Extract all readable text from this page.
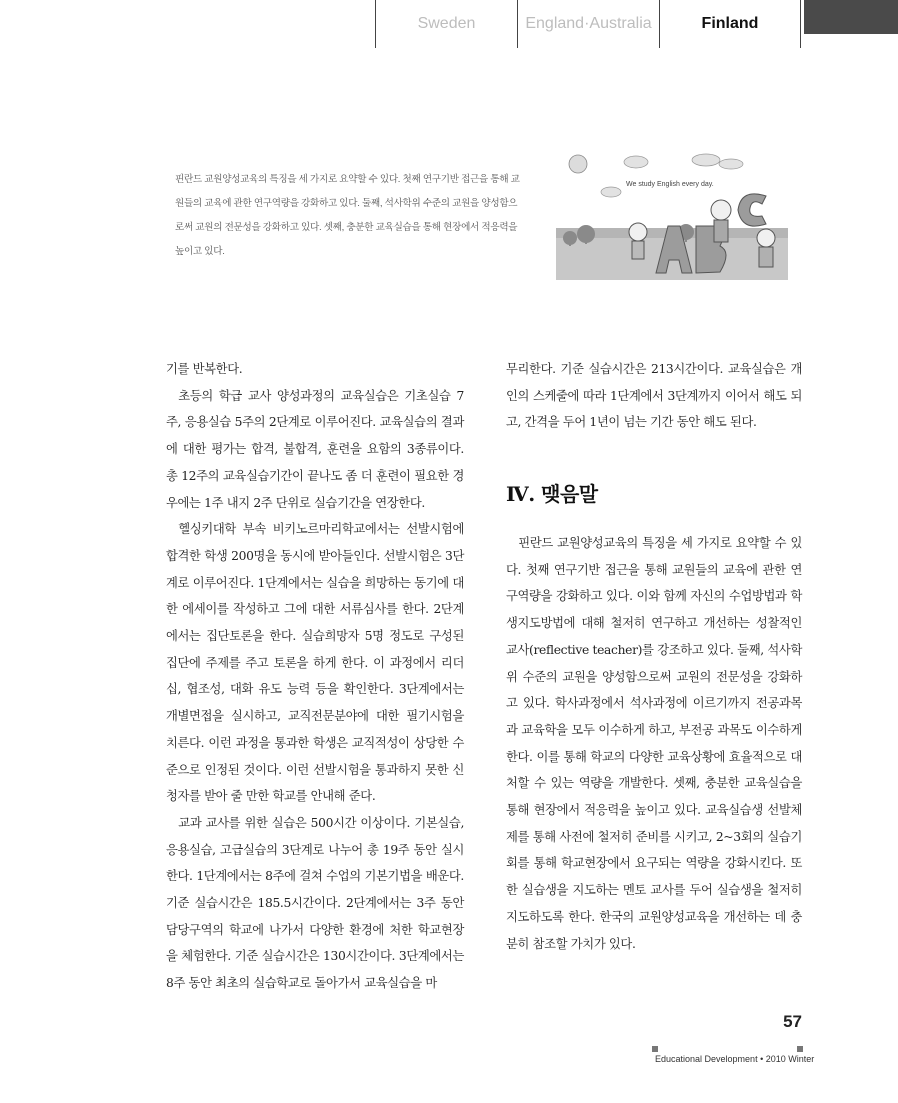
Sweden	England·Australia	Finland

핀란드 교원양성교육의 특징을 세 가지로 요약할 수 있다. 첫째 연구기반 접근을 통해 교원들의 교육에 관한 연구역량을 강화하고 있다. 둘째, 석사학위 수준의 교원을 양성함으로써 교원의 전문성을 강화하고 있다. 셋째, 충분한 교육실습을 통해 현장에서 적응력을 높이고 있다.

We study English every day.

기를 반복한다.

초등의 학급 교사 양성과정의 교육실습은 기초실습 7주, 응용실습 5주의 2단계로 이루어진다. 교육실습의 결과에 대한 평가는 합격, 불합격, 훈련을 요함의 3종류이다. 총 12주의 교육실습기간이 끝나도 좀 더 훈련이 필요한 경우에는 1주 내지 2주 단위로 실습기간을 연장한다.

헬싱키대학 부속 비키노르마리학교에서는 선발시험에 합격한 학생 200명을 동시에 받아들인다. 선발시험은 3단계로 이루어진다. 1단계에서는 실습을 희망하는 동기에 대한 에세이를 작성하고 그에 대한 서류심사를 한다. 2단계에서는 집단토론을 한다. 실습희망자 5명 정도로 구성된 집단에 주제를 주고 토론을 하게 한다. 이 과정에서 리더십, 협조성, 대화 유도 능력 등을 확인한다. 3단계에서는 개별면접을 실시하고, 교직전문분야에 대한 필기시험을 치른다. 이런 과정을 통과한 학생은 교직적성이 상당한 수준으로 인정된 것이다. 이런 선발시험을 통과하지 못한 신청자를 받아 줄 만한 학교를 안내해 준다.

교과 교사를 위한 실습은 500시간 이상이다. 기본실습, 응용실습, 고급실습의 3단계로 나누어 총 19주 동안 실시한다. 1단계에서는 8주에 걸쳐 수업의 기본기법을 배운다. 기준 실습시간은 185.5시간이다. 2단계에서는 3주 동안 담당구역의 학교에 나가서 다양한 환경에 처한 학교현장을 체험한다. 기준 실습시간은 130시간이다. 3단계에서는 8주 동안 최초의 실습학교로 돌아가서 교육실습을 마

무리한다. 기준 실습시간은 213시간이다. 교육실습은 개인의 스케줄에 따라 1단계에서 3단계까지 이어서 해도 되고, 간격을 두어 1년이 넘는 기간 동안 해도 된다.

Ⅳ. 맺음말

핀란드 교원양성교육의 특징을 세 가지로 요약할 수 있다. 첫째 연구기반 접근을 통해 교원들의 교육에 관한 연구역량을 강화하고 있다. 이와 함께 자신의 수업방법과 학생지도방법에 대해 철저히 연구하고 개선하는 성찰적인 교사(reflective teacher)를 강조하고 있다. 둘째, 석사학위 수준의 교원을 양성함으로써 교원의 전문성을 강화하고 있다. 학사과정에서 석사과정에 이르기까지 전공과목과 교육학을 모두 이수하게 하고, 부전공 과목도 이수하게 한다. 이를 통해 학교의 다양한 교육상황에 효율적으로 대처할 수 있는 역량을 개발한다. 셋째, 충분한 교육실습을 통해 현장에서 적응력을 높이고 있다. 교육실습생 선발체제를 통해 사전에 철저히 준비를 시키고, 2~3회의 실습기회를 통해 학교현장에서 요구되는 역량을 강화시킨다. 또한 실습생을 지도하는 멘토 교사를 두어 실습생을 철저히 지도하도록 한다. 한국의 교원양성교육을 개선하는 데 충분히 참조할 가치가 있다.

57
Educational Development • 2010 Winter
